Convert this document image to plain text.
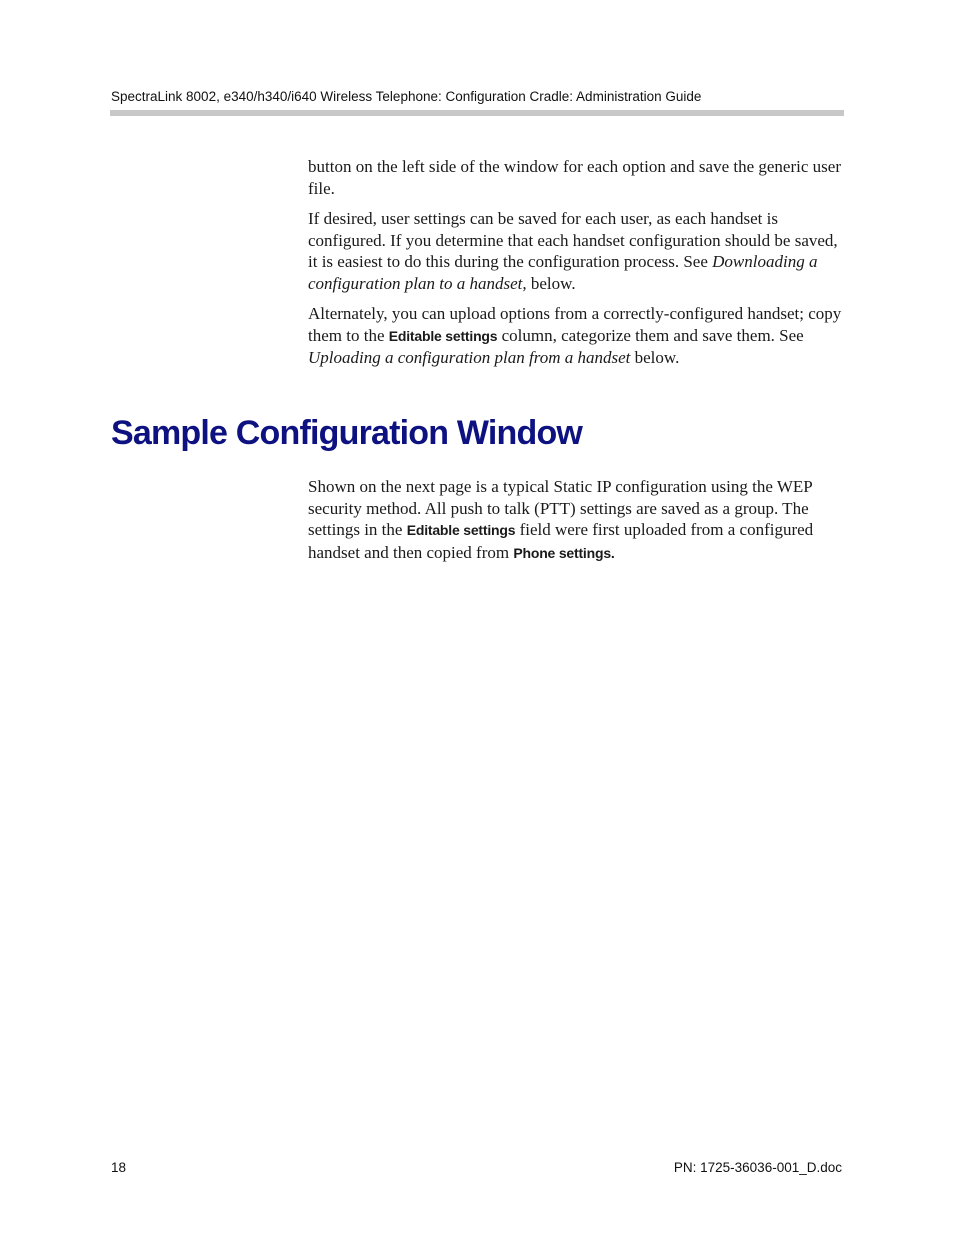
SpectraLink 8002, e340/h340/i640 Wireless Telephone: Configuration Cradle: Administration Guide

button on the left side of the window for each option and save the generic user file.

If desired, user settings can be saved for each user, as each handset is configured. If you determine that each handset configuration should be saved, it is easiest to do this during the configuration process. See Downloading a configuration plan to a handset, below.

Alternately, you can upload options from a correctly-configured handset; copy them to the Editable settings column, categorize them and save them. See Uploading a configuration plan from a handset below.

Sample Configuration Window

Shown on the next page is a typical Static IP configuration using the WEP security method. All push to talk (PTT) settings are saved as a group. The settings in the Editable settings field were first uploaded from a configured handset and then copied from Phone settings.

18	PN: 1725-36036-001_D.doc
